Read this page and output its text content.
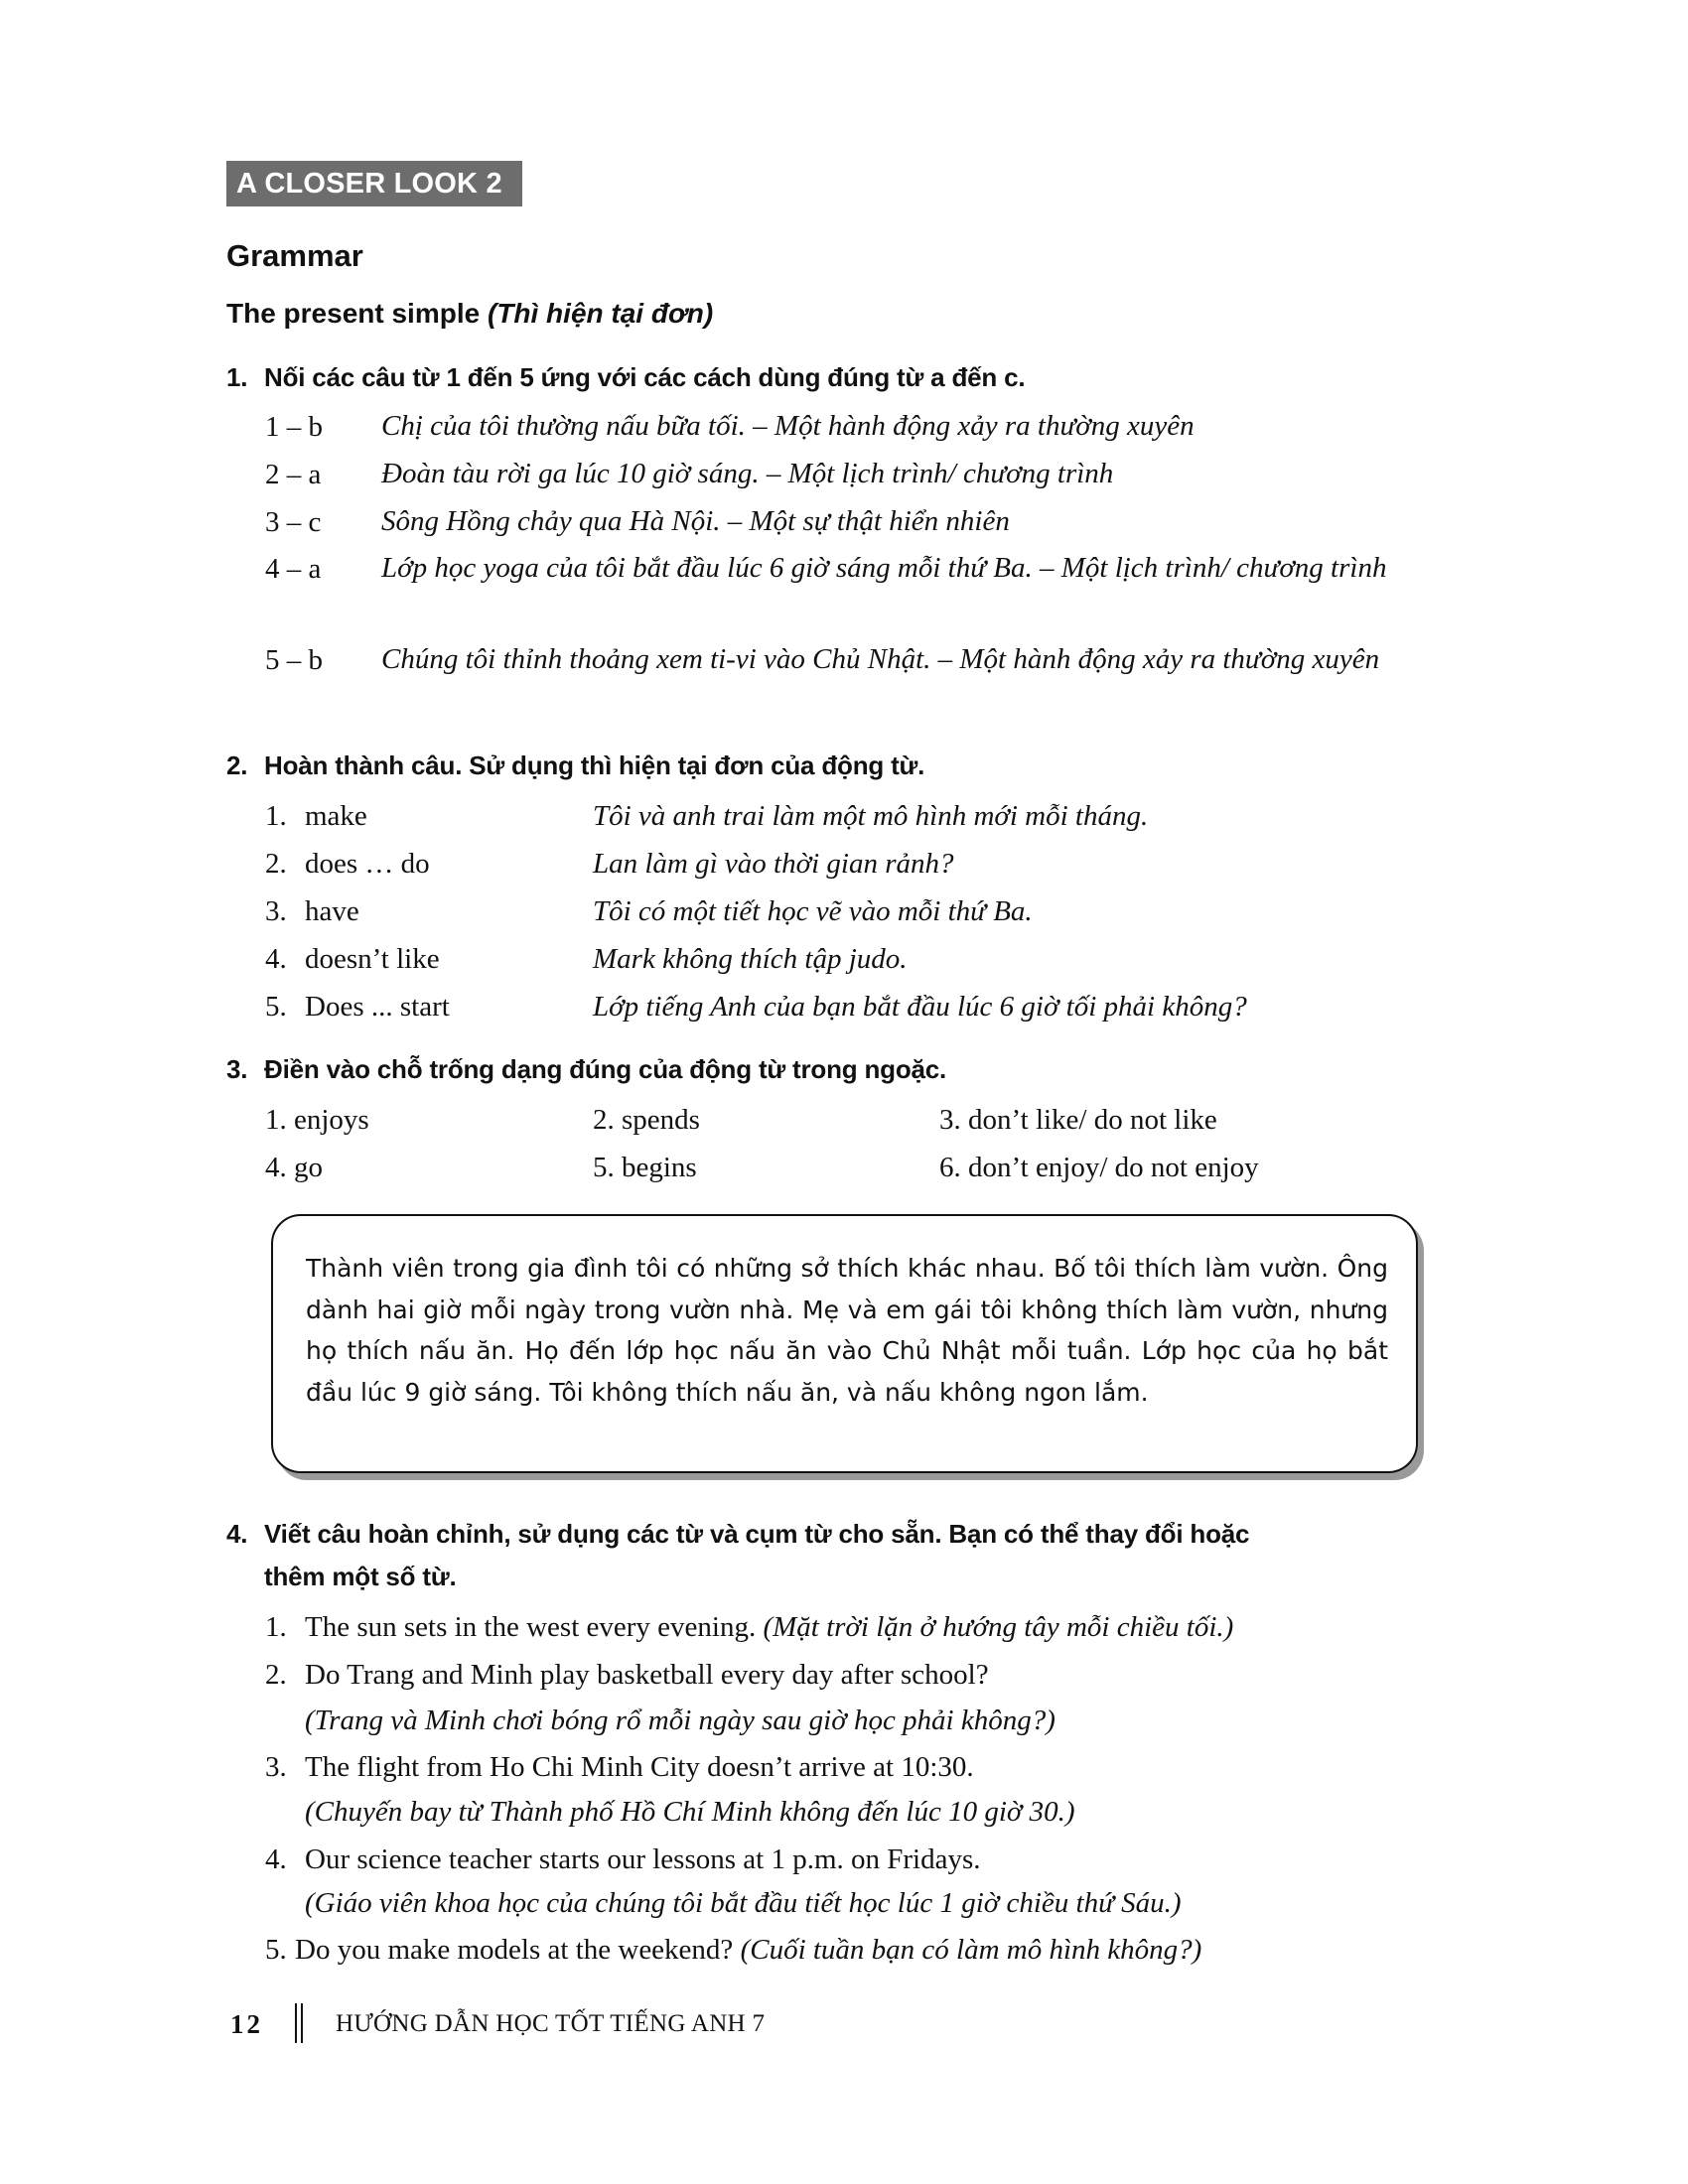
A CLOSER LOOK 2
Grammar
The present simple (Thì hiện tại đơn)
1. Nối các câu từ 1 đến 5 ứng với các cách dùng đúng từ a đến c.
1 – b Chị của tôi thường nấu bữa tối. – Một hành động xảy ra thường xuyên
2 – a Đoàn tàu rời ga lúc 10 giờ sáng. – Một lịch trình/ chương trình
3 – c Sông Hồng chảy qua Hà Nội. – Một sự thật hiển nhiên
4 – a Lớp học yoga của tôi bắt đầu lúc 6 giờ sáng mỗi thứ Ba. – Một lịch trình/ chương trình
5 – b Chúng tôi thỉnh thoảng xem ti-vi vào Chủ Nhật. – Một hành động xảy ra thường xuyên
2. Hoàn thành câu. Sử dụng thì hiện tại đơn của động từ.
1. make	Tôi và anh trai làm một mô hình mới mỗi tháng.
2. does … do	Lan làm gì vào thời gian rảnh?
3. have	Tôi có một tiết học vẽ vào mỗi thứ Ba.
4. doesn’t like	Mark không thích tập judo.
5. Does ... start	Lớp tiếng Anh của bạn bắt đầu lúc 6 giờ tối phải không?
3. Điền vào chỗ trống dạng đúng của động từ trong ngoặc.
1. enjoys	2. spends	3. don’t like/ do not like
4. go	5. begins	6. don’t enjoy/ do not enjoy
Thành viên trong gia đình tôi có những sở thích khác nhau. Bố tôi thích làm vườn. Ông dành hai giờ mỗi ngày trong vườn nhà. Mẹ và em gái tôi không thích làm vườn, nhưng họ thích nấu ăn. Họ đến lớp học nấu ăn vào Chủ Nhật mỗi tuần. Lớp học của họ bắt đầu lúc 9 giờ sáng. Tôi không thích nấu ăn, và nấu không ngon lắm.
4. Viết câu hoàn chỉnh, sử dụng các từ và cụm từ cho sẵn. Bạn có thể thay đổi hoặc
thêm một số từ.
1. The sun sets in the west every evening. (Mặt trời lặn ở hướng tây mỗi chiều tối.)
2. Do Trang and Minh play basketball every day after school?
(Trang và Minh chơi bóng rổ mỗi ngày sau giờ học phải không?)
3. The flight from Ho Chi Minh City doesn’t arrive at 10:30.
(Chuyến bay từ Thành phố Hồ Chí Minh không đến lúc 10 giờ 30.)
4. Our science teacher starts our lessons at 1 p.m. on Fridays.
(Giáo viên khoa học của chúng tôi bắt đầu tiết học lúc 1 giờ chiều thứ Sáu.)
5. Do you make models at the weekend? (Cuối tuần bạn có làm mô hình không?)
12	HƯỚNG DẪN HỌC TỐT TIẾNG ANH 7
